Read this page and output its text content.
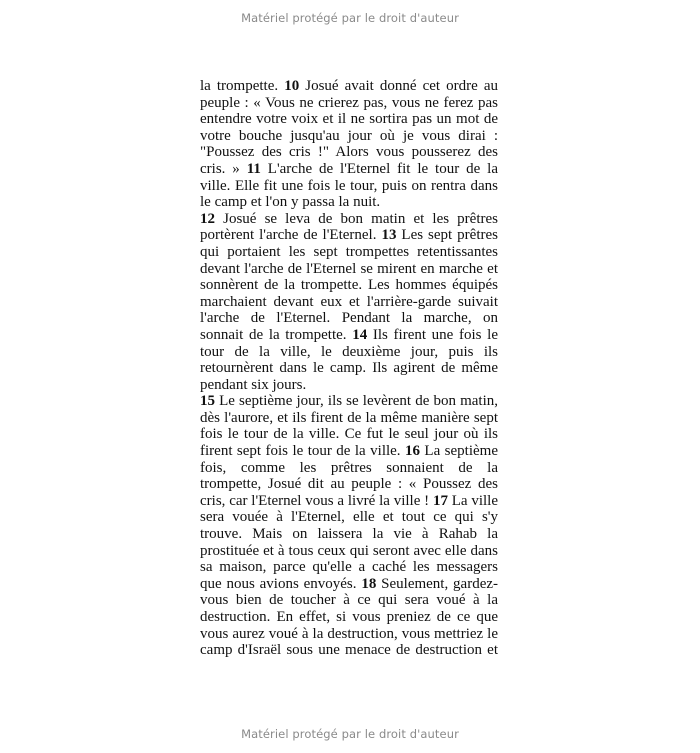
Matériel protégé par le droit d'auteur
la trompette. 10 Josué avait donné cet ordre au
peuple : « Vous ne crierez pas, vous ne ferez pas
entendre votre voix et il ne sortira pas un mot de
votre bouche jusqu'au jour où je vous dirai :
"Poussez des cris !" Alors vous pousserez des
cris. » 11 L'arche de l'Eternel fit le tour de la
ville. Elle fit une fois le tour, puis on rentra dans
le camp et l'on y passa la nuit.
12 Josué se leva de bon matin et les prêtres
portèrent l'arche de l'Eternel. 13 Les sept prêtres
qui portaient les sept trompettes retentissantes
devant l'arche de l'Eternel se mirent en marche et
sonnèrent de la trompette. Les hommes équipés
marchaient devant eux et l'arrière-garde suivait
l'arche de l'Eternel. Pendant la marche, on
sonnait de la trompette. 14 Ils firent une fois le
tour de la ville, le deuxième jour, puis ils
retournèrent dans le camp. Ils agirent de même
pendant six jours.
15 Le septième jour, ils se levèrent de bon matin,
dès l'aurore, et ils firent de la même manière sept
fois le tour de la ville. Ce fut le seul jour où ils
firent sept fois le tour de la ville. 16 La septième
fois, comme les prêtres sonnaient de la
trompette, Josué dit au peuple : « Poussez des
cris, car l'Eternel vous a livré la ville ! 17 La ville
sera vouée à l'Eternel, elle et tout ce qui s'y
trouve. Mais on laissera la vie à Rahab la
prostituée et à tous ceux qui seront avec elle dans
sa maison, parce qu'elle a caché les messagers
que nous avions envoyés. 18 Seulement, gardez-
vous bien de toucher à ce qui sera voué à la
destruction. En effet, si vous preniez de ce que
vous aurez voué à la destruction, vous mettriez le
camp d'Israël sous une menace de destruction et
Matériel protégé par le droit d'auteur
